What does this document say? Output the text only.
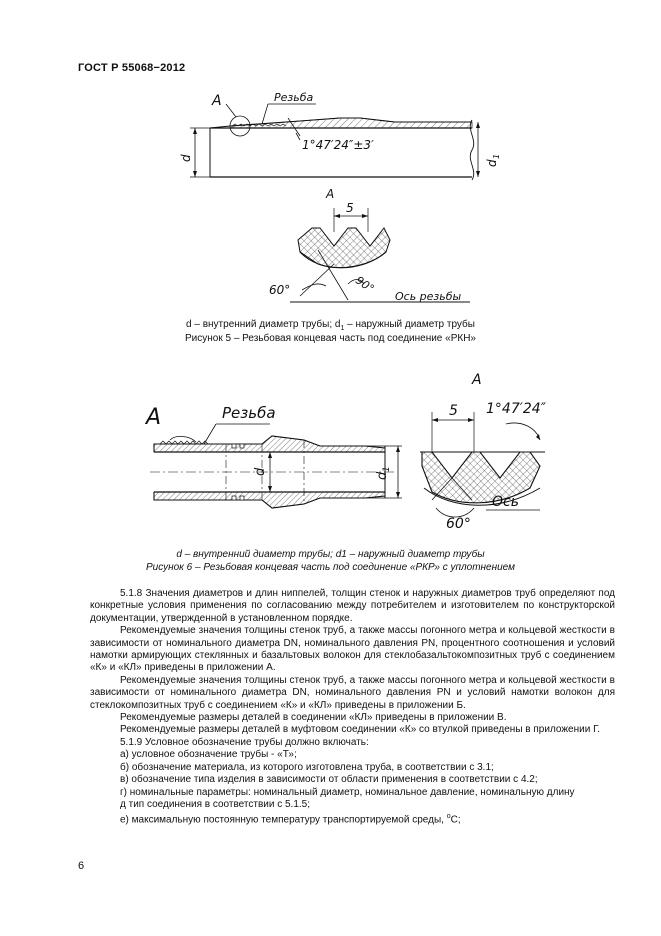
ГОСТ Р 55068−2012
А	Резьба
1°47′24″±3′
d
d
1
А
5
60°	90°
Ось резьбы
d – внутренний диаметр трубы; $d_1$ – наружный диаметр трубы
Рисунок 5 – Резьбовая концевая часть под соединение «РКН»
А	Резьба
d	d
1
А
5 1°47′24″
60°
Ось
d – внутренний диаметр трубы; d1 – наружный диаметр трубы
Рисунок 6 – Резьбовая концевая часть под соединение «РКР» с уплотнением

5.1.8 Значения диаметров и длин ниппелей, толщин стенок и наружных диаметров труб определяют под конкретные условия применения по согласованию между потребителем и изготовителем по конструкторской документации, утвержденной в установленном порядке.

Рекомендуемые значения толщины стенок труб, а также массы погонного метра и кольцевой жесткости в зависимости от номинального диаметра DN, номинального давления PN, процентного соотношения и условий намотки армирующих стеклянных и базальтовых волокон для стеклобазальтокомпозитных труб с соединением «К» и «КЛ» приведены в приложении А.

Рекомендуемые значения толщины стенок труб, а также массы погонного метра и кольцевой жесткости в зависимости от номинального диаметра DN, номинального давления PN и условий намотки волокон для стеклокомпозитных труб с соединением «К» и «КЛ» приведены в приложении Б.

Рекомендуемые размеры деталей в соединении «КЛ» приведены в приложении В.

Рекомендуемые размеры деталей в муфтовом соединении «К» со втулкой приведены в приложении Г.

5.1.9 Условное обозначение трубы должно включать:

а) условное обозначение трубы - «Т»;

б) обозначение материала, из которого изготовлена труба, в соответствии с 3.1;

в) обозначение типа изделия в зависимости от области применения в соответствии с 4.2;

г) номинальные параметры: номинальный диаметр, номинальное давление, номинальную длину

д тип соединения в соответствии с 5.1.5;

е) максимальную постоянную температуру транспортируемой среды, $^o$С;

6
